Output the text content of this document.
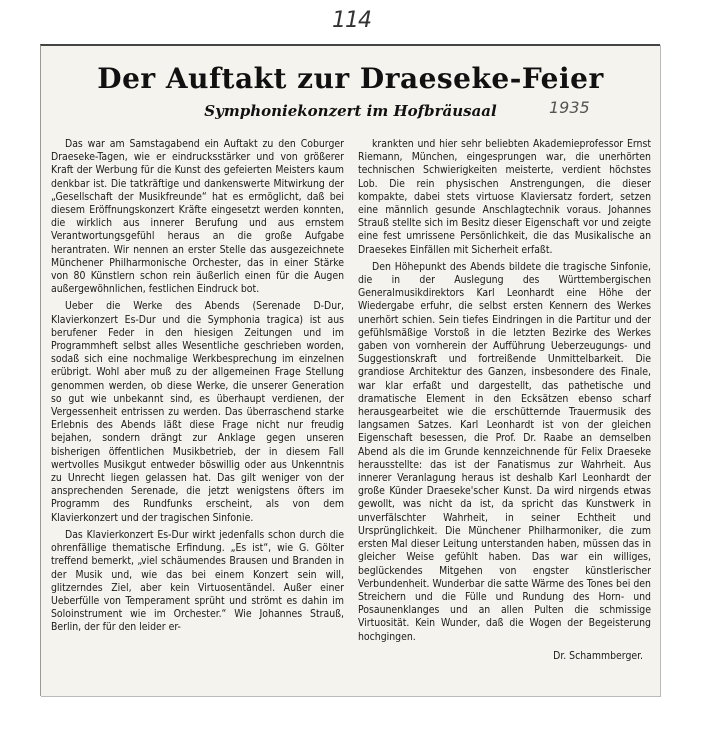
114
Der Auftakt zur Draeseke-Feier
Symphoniekonzert im Hofbräusaal	1935

Das war am Samstagabend ein Auftakt zu den Coburger Draeseke-Tagen, wie er eindrucksstärker und von größerer Kraft der Werbung für die Kunst des gefeierten Meisters kaum denkbar ist. Die tatkräftige und dankenswerte Mitwirkung der „Gesellschaft der Musikfreunde“ hat es ermöglicht, daß bei diesem Eröffnungskonzert Kräfte eingesetzt werden konnten, die wirklich aus innerer Berufung und aus ernstem Verantwortungsgefühl heraus an die große Aufgabe herantraten. Wir nennen an erster Stelle das ausgezeichnete Münchener Philharmonische Orchester, das in einer Stärke von 80 Künstlern schon rein äußerlich einen für die Augen außergewöhnlichen, festlichen Eindruck bot.

Ueber die Werke des Abends (Serenade D-Dur, Klavierkonzert Es-Dur und die Symphonia tragica) ist aus berufener Feder in den hiesigen Zeitungen und im Programmheft selbst alles Wesentliche geschrieben worden, sodaß sich eine nochmalige Werkbesprechung im einzelnen erübrigt. Wohl aber muß zu der allgemeinen Frage Stellung genommen werden, ob diese Werke, die unserer Generation so gut wie unbekannt sind, es überhaupt verdienen, der Vergessenheit entrissen zu werden. Das überraschend starke Erlebnis des Abends läßt diese Frage nicht nur freudig bejahen, sondern drängt zur Anklage gegen unseren bisherigen öffentlichen Musikbetrieb, der in diesem Fall wertvolles Musikgut entweder böswillig oder aus Unkenntnis zu Unrecht liegen gelassen hat. Das gilt weniger von der ansprechenden Serenade, die jetzt wenigstens öfters im Programm des Rundfunks erscheint, als von dem Klavierkonzert und der tragischen Sinfonie.

Das Klavierkonzert Es-Dur wirkt jedenfalls schon durch die ohrenfällige thematische Erfindung. „Es ist“, wie G. Gölter treffend bemerkt, „viel schäumendes Brausen und Branden in der Musik und, wie das bei einem Konzert sein will, glitzerndes Ziel, aber kein Virtuosentändel. Außer einer Ueberfülle von Temperament sprüht und strömt es dahin im Soloinstrument wie im Orchester.“ Wie Johannes Strauß, Berlin, der für den leider er-

krankten und hier sehr beliebten Akademieprofessor Ernst Riemann, München, eingesprungen war, die unerhörten technischen Schwierigkeiten meisterte, verdient höchstes Lob. Die rein physischen Anstrengungen, die dieser kompakte, dabei stets virtuose Klaviersatz fordert, setzen eine männlich gesunde Anschlagtechnik voraus. Johannes Strauß stellte sich im Besitz dieser Eigenschaft vor und zeigte eine fest umrissene Persönlichkeit, die das Musikalische an Draesekes Einfällen mit Sicherheit erfaßt.

Den Höhepunkt des Abends bildete die tragische Sinfonie, die in der Auslegung des Württembergischen Generalmusikdirektors Karl Leonhardt eine Höhe der Wiedergabe erfuhr, die selbst ersten Kennern des Werkes unerhört schien. Sein tiefes Eindringen in die Partitur und der gefühlsmäßige Vorstoß in die letzten Bezirke des Werkes gaben von vornherein der Aufführung Ueberzeugungs- und Suggestionskraft und fortreißende Unmittelbarkeit. Die grandiose Architektur des Ganzen, insbesondere des Finale, war klar erfaßt und dargestellt, das pathetische und dramatische Element in den Ecksätzen ebenso scharf herausgearbeitet wie die erschütternde Trauermusik des langsamen Satzes. Karl Leonhardt ist von der gleichen Eigenschaft besessen, die Prof. Dr. Raabe an demselben Abend als die im Grunde kennzeichnende für Felix Draeseke herausstellte: das ist der Fanatismus zur Wahrheit. Aus innerer Veranlagung heraus ist deshalb Karl Leonhardt der große Künder Draeseke'scher Kunst. Da wird nirgends etwas gewollt, was nicht da ist, da spricht das Kunstwerk in unverfälschter Wahrheit, in seiner Echtheit und Ursprünglichkeit. Die Münchener Philharmoniker, die zum ersten Mal dieser Leitung unterstanden haben, müssen das in gleicher Weise gefühlt haben. Das war ein williges, beglückendes Mitgehen von engster künstlerischer Verbundenheit. Wunderbar die satte Wärme des Tones bei den Streichern und die Fülle und Rundung des Horn- und Posaunenklanges und an allen Pulten die schmissige Virtuosität. Kein Wunder, daß die Wogen der Begeisterung hochgingen.

Dr. Schammberger.
